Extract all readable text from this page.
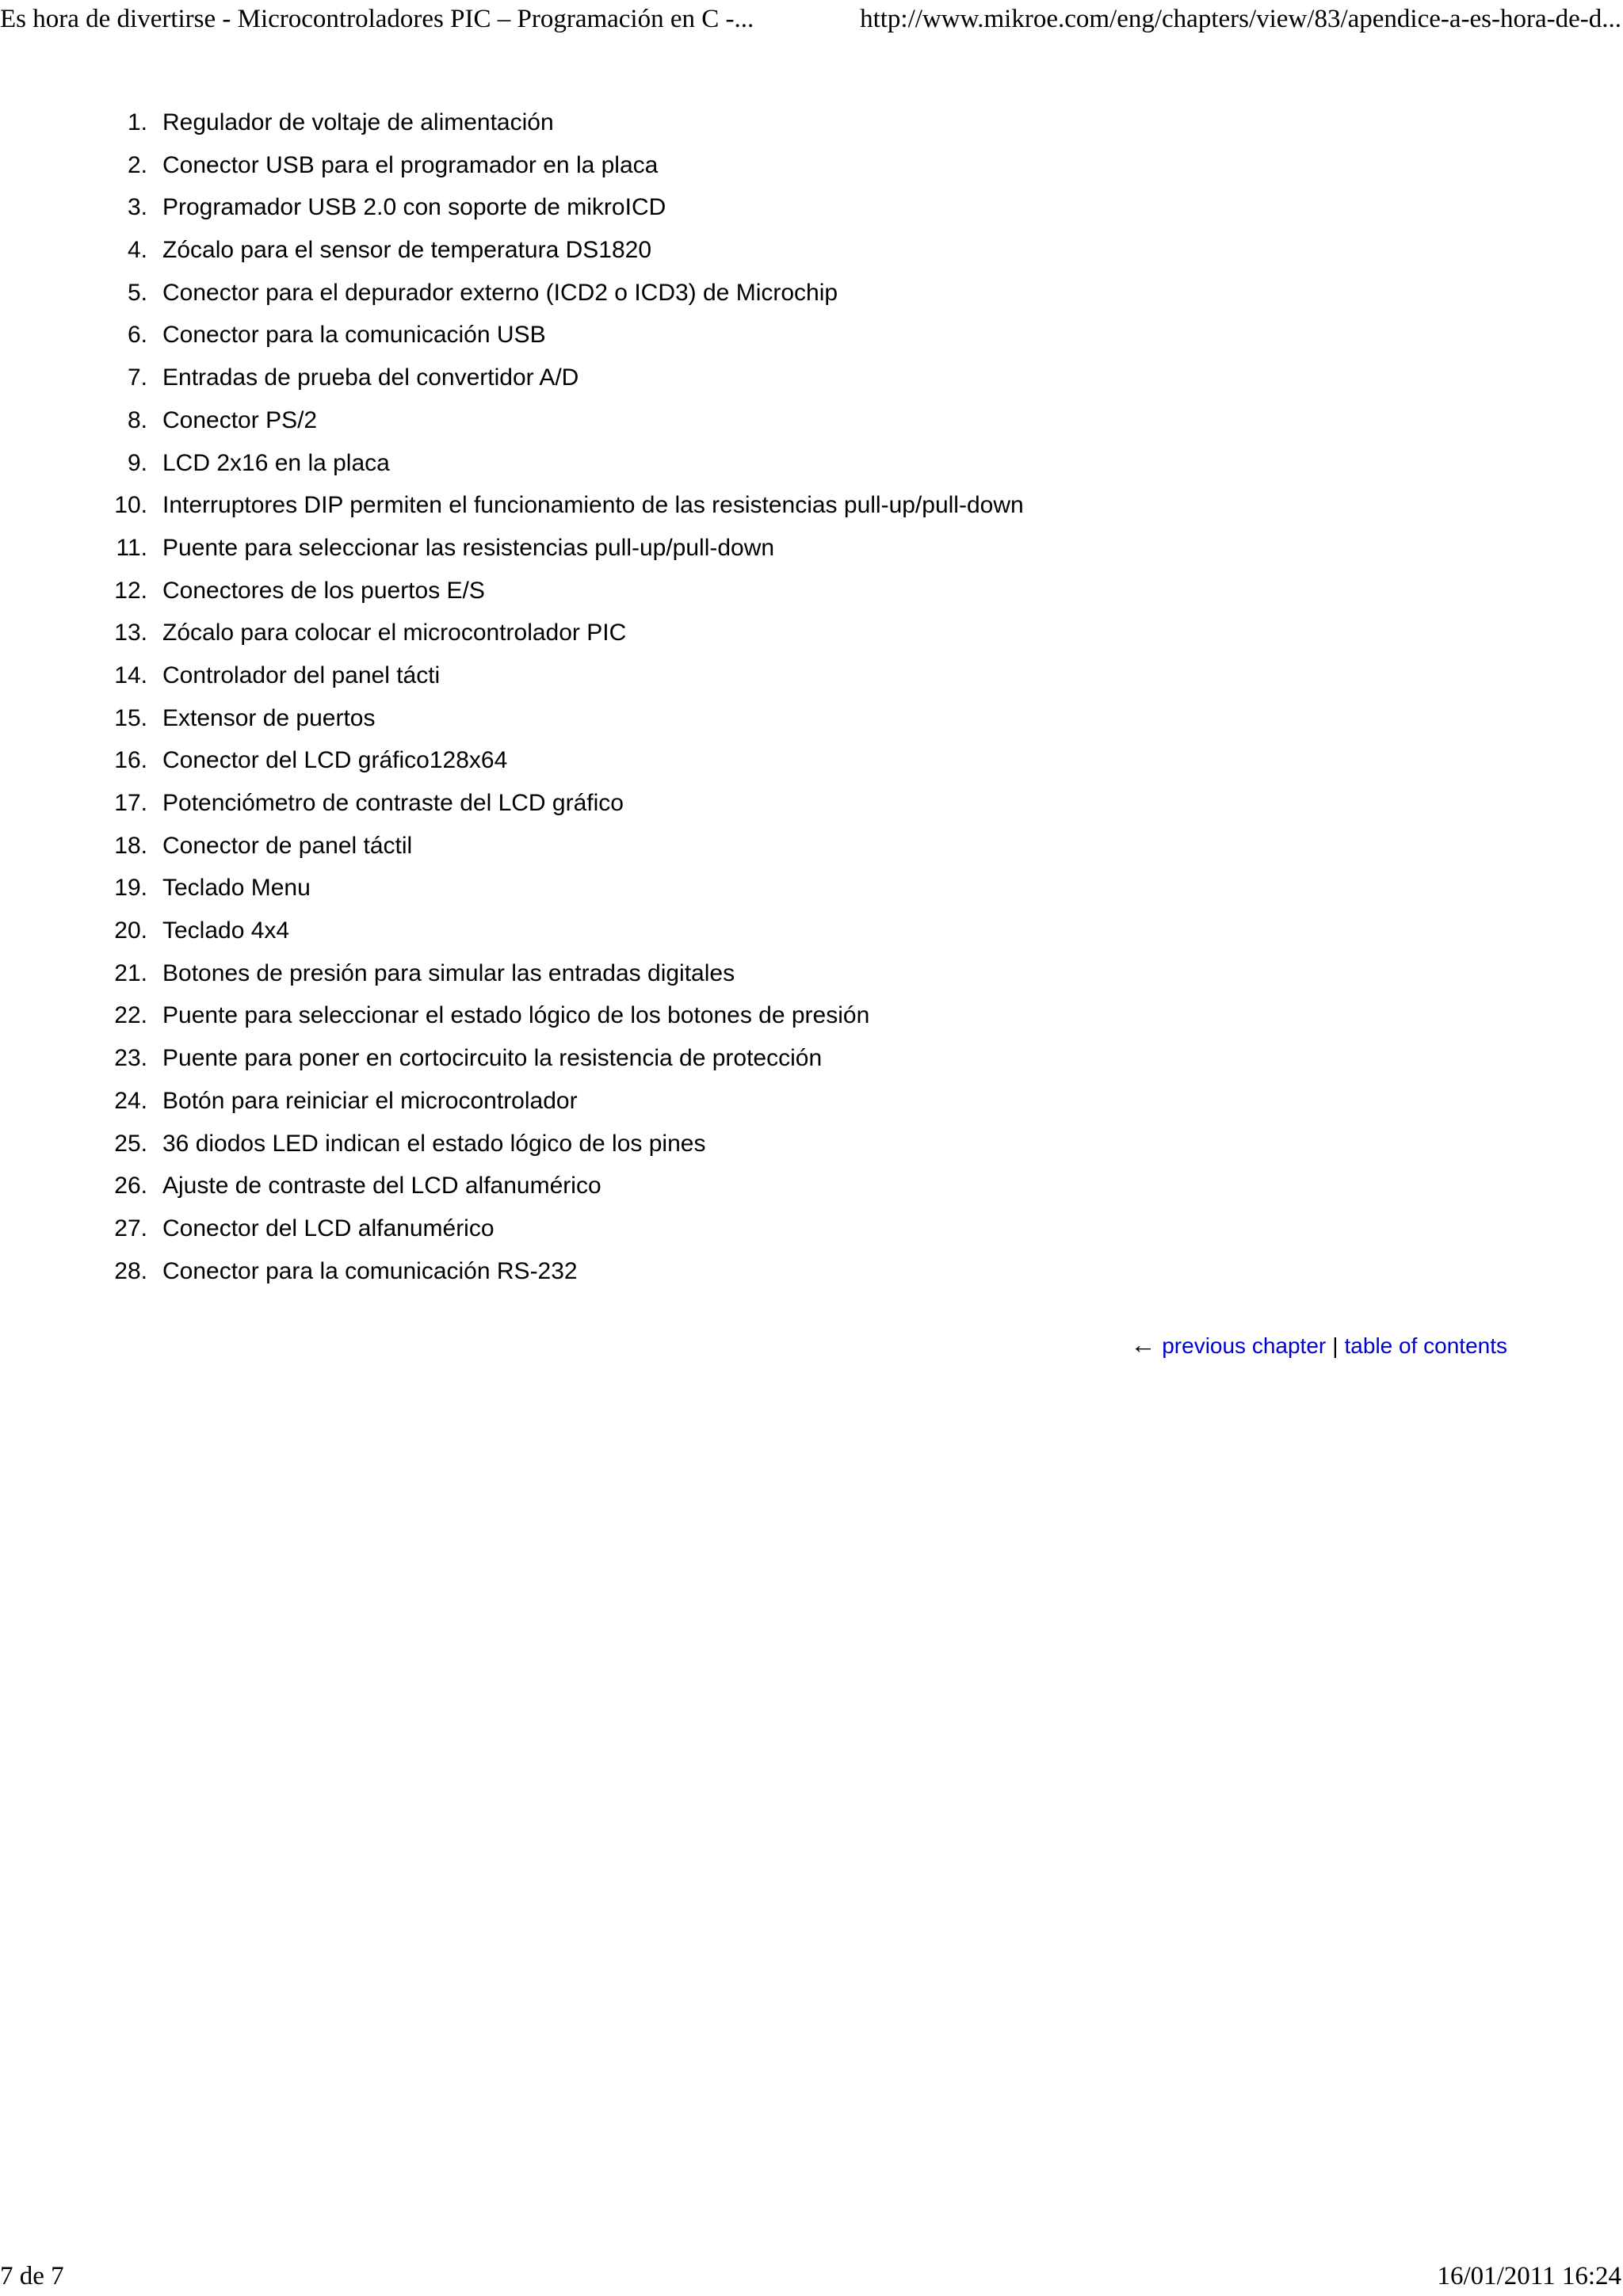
Es hora de divertirse - Microcontroladores PIC – Programación en C -...	http://www.mikroe.com/eng/chapters/view/83/apendice-a-es-hora-de-d...
1. Regulador de voltaje de alimentación
2. Conector USB para el programador en la placa
3. Programador USB 2.0 con soporte de mikroICD
4. Zócalo para el sensor de temperatura DS1820
5. Conector para el depurador externo (ICD2 o ICD3) de Microchip
6. Conector para la comunicación USB
7. Entradas de prueba del convertidor A/D
8. Conector PS/2
9. LCD 2x16 en la placa
10. Interruptores DIP permiten el funcionamiento de las resistencias pull-up/pull-down
11. Puente para seleccionar las resistencias pull-up/pull-down
12. Conectores de los puertos E/S
13. Zócalo para colocar el microcontrolador PIC
14. Controlador del panel tácti
15. Extensor de puertos
16. Conector del LCD gráfico128x64
17. Potenciómetro de contraste del LCD gráfico
18. Conector de panel táctil
19. Teclado Menu
20. Teclado 4x4
21. Botones de presión para simular las entradas digitales
22. Puente para seleccionar el estado lógico de los botones de presión
23. Puente para poner en cortocircuito la resistencia de protección
24. Botón para reiniciar el microcontrolador
25. 36 diodos LED indican el estado lógico de los pines
26. Ajuste de contraste del LCD alfanumérico
27. Conector del LCD alfanumérico
28. Conector para la comunicación RS-232
← previous chapter | table of contents
7 de 7	16/01/2011 16:24
